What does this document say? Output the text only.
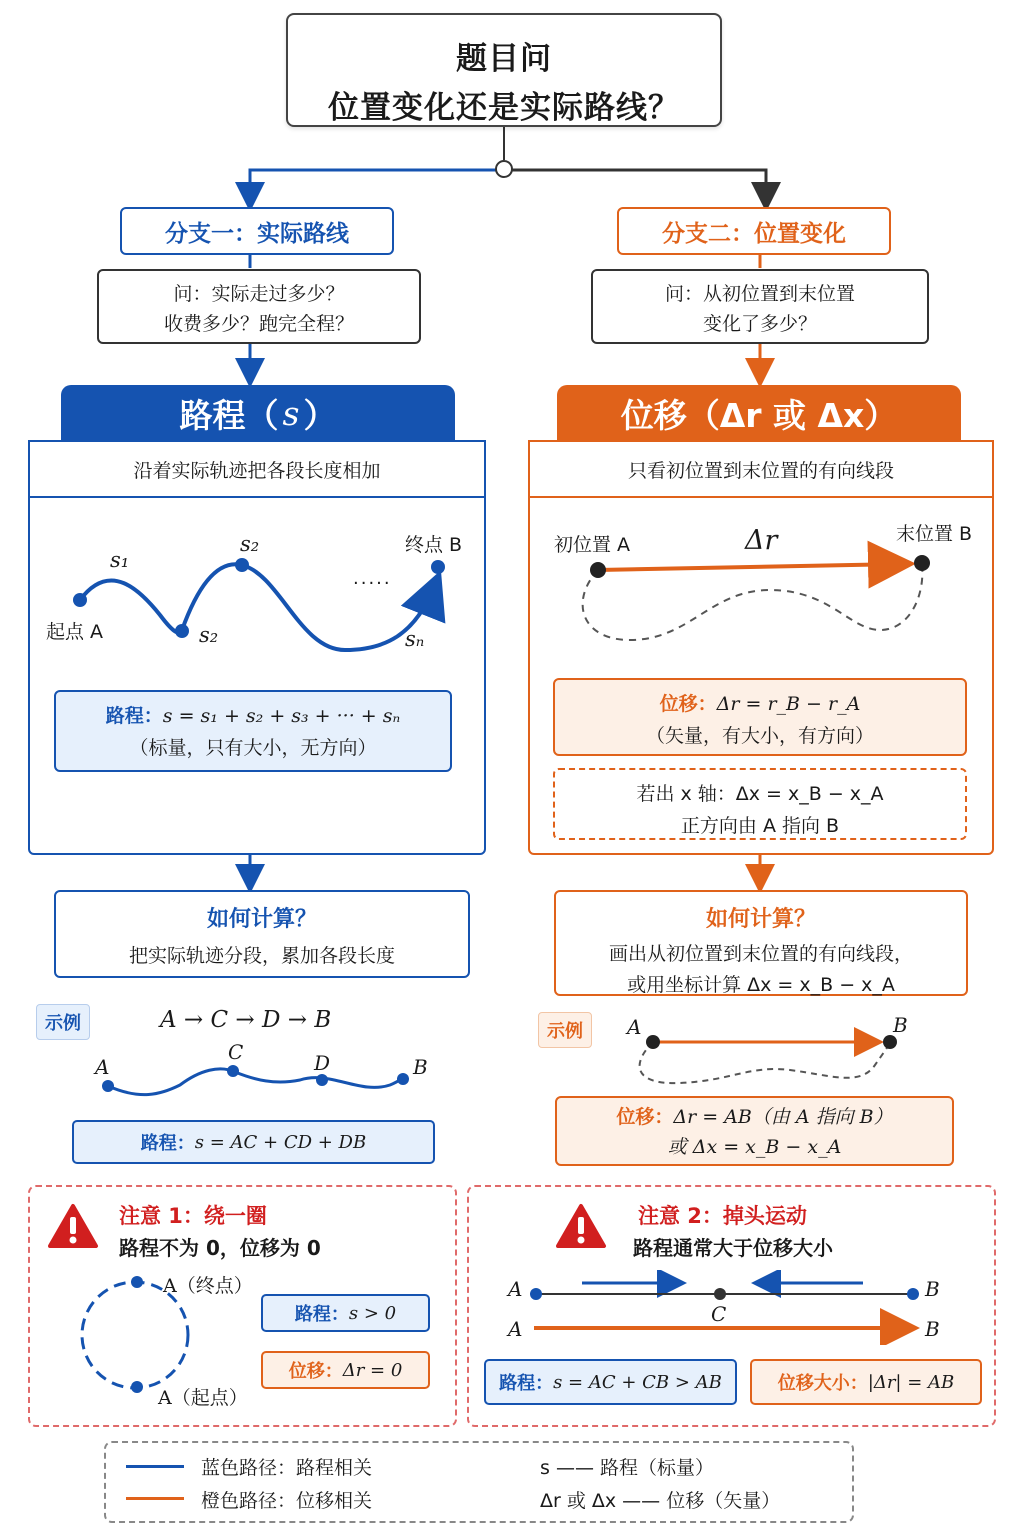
题目问
位置变化还是实际路线？
分支一：实际路线	分支二：位置变化
问：实际走过多少？
收费多少？跑完全程？
问：从初位置到末位置
变化了多少？
路程（ s ）
沿着实际轨迹把各段长度相加
起点 A
终点 B
s₁
s₂
s₂
sₙ
·····
路程：s = s₁ + s₂ + s₃ + ··· + sₙ
（标量，只有大小，无方向）
位移（Δr 或 Δx）
只看初位置到末位置的有向线段
初位置 A	末位置 B
Δr
位移：Δr = r_B − r_A
（矢量，有大小，有方向）
若出 x 轴：Δx = x_B − x_A
正方向由 A 指向 B
如何计算？
把实际轨迹分段，累加各段长度
如何计算？
画出从初位置到末位置的有向线段，
或用坐标计算 Δx = x_B − x_A
示例	A → C → D → B
A
C	D	B
路程： s = AC + CD + DB
示例	A	B
位移：Δr = AB（由 A 指向 B）
或 Δx = x_B − x_A
注意 1：绕一圈
路程不为 0，位移为 0
A（终点）
A（起点）
路程： s > 0
位移： Δr = 0
注意 2：掉头运动
路程通常大于位移大小
A	B
C
A	B
路程： s = AC + CB > AB	位移大小： |Δr| = AB
蓝色路径：路程相关
橙色路径：位移相关
s —— 路程（标量）
Δr 或 Δx —— 位移（矢量）
